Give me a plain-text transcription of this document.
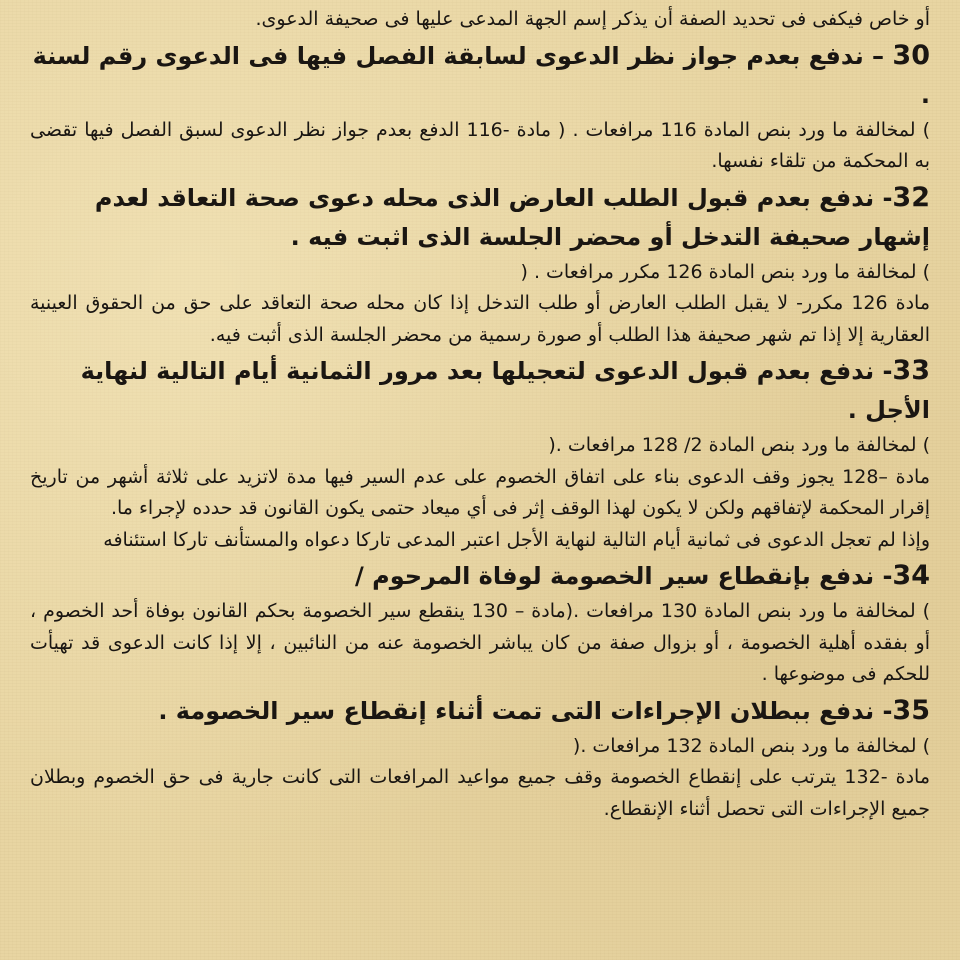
أو خاص فيكفى فى تحديد الصفة أن يذكر إسم الجهة المدعى عليها فى صحيفة الدعوى.

30 – ندفع بعدم جواز نظر الدعوى لسابقة الفصل فيها فى الدعوى رقم لسنة .

) لمخالفة ما ورد بنص المادة 116 مرافعات . ( مادة -116 الدفع بعدم جواز نظر الدعوى لسبق الفصل فيها تقضى به المحكمة من تلقاء نفسها.

32- ندفع بعدم قبول الطلب العارض الذى محله دعوى صحة التعاقد لعدم إشهار صحيفة التدخل أو محضر الجلسة الذى اثبت فيه .

) لمخالفة ما ورد بنص المادة 126 مكرر مرافعات . (

مادة 126 مكرر- لا يقبل الطلب العارض أو طلب التدخل إذا كان محله صحة التعاقد على حق من الحقوق العينية العقارية إلا إذا تم شهر صحيفة هذا الطلب أو صورة رسمية من محضر الجلسة الذى أثبت فيه.

33- ندفع بعدم قبول الدعوى لتعجيلها بعد مرور الثمانية أيام التالية لنهاية الأجل .

) لمخالفة ما ورد بنص المادة 2/ 128 مرافعات .(

مادة –128 يجوز وقف الدعوى بناء على اتفاق الخصوم على عدم السير فيها مدة لاتزيد على ثلاثة أشهر من تاريخ إقرار المحكمة لإتفاقهم ولكن لا يكون لهذا الوقف إثر فى أي ميعاد حتمى يكون القانون قد حدده لإجراء ما.

وإذا لم تعجل الدعوى فى ثمانية أيام التالية لنهاية الأجل اعتبر المدعى تاركا دعواه والمستأنف تاركا استئنافه

34- ندفع بإنقطاع سير الخصومة لوفاة المرحوم /

) لمخالفة ما ورد بنص المادة 130 مرافعات .(مادة – 130 ينقطع سير الخصومة بحكم القانون بوفاة أحد الخصوم ، أو بفقده أهلية الخصومة ، أو بزوال صفة من كان يباشر الخصومة عنه من النائبين ، إلا إذا كانت الدعوى قد تهيأت للحكم فى موضوعها .

35- ندفع ببطلان الإجراءات التى تمت أثناء إنقطاع سير الخصومة .

) لمخالفة ما ورد بنص المادة 132 مرافعات .(

مادة -132 يترتب على إنقطاع الخصومة وقف جميع مواعيد المرافعات التى كانت جارية فى حق الخصوم وبطلان جميع الإجراءات التى تحصل أثناء الإنقطاع.
